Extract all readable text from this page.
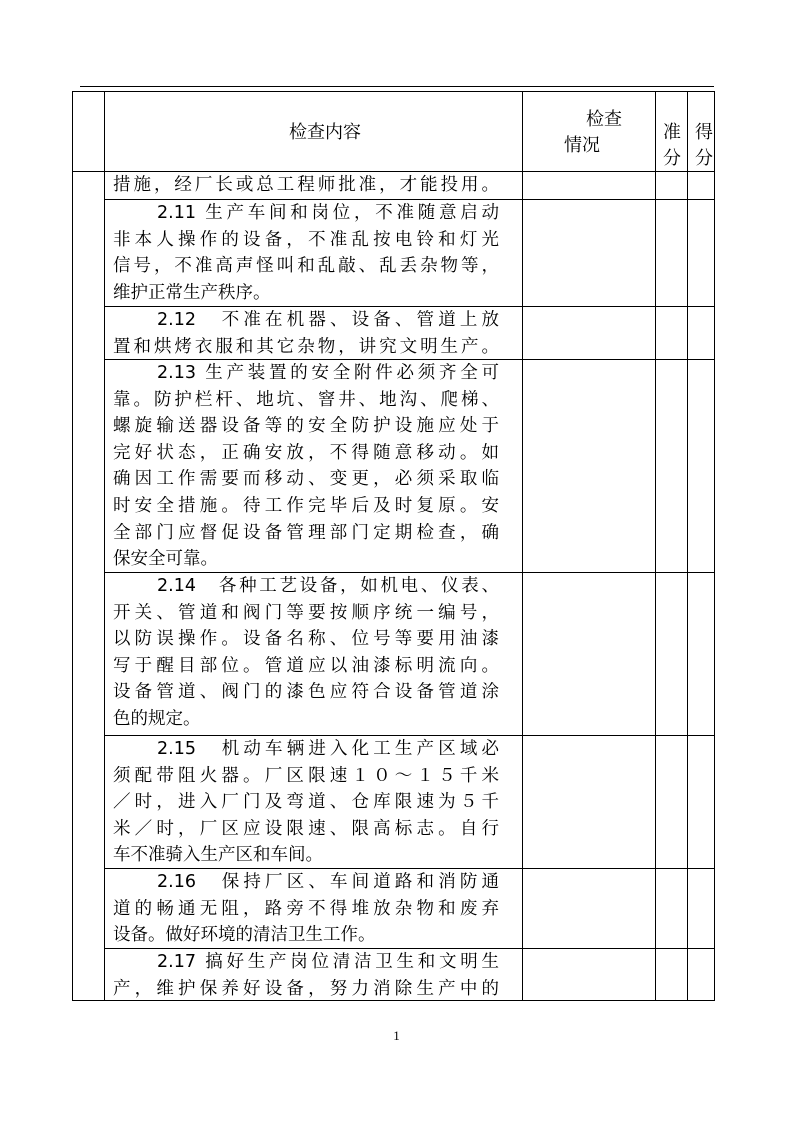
检查内容
检查
情况
准
分
得
分
措施，经厂长或总工程师批准，才能投用。
2.11 生产车间和岗位，不准随意启动
非本人操作的设备，不准乱按电铃和灯光
信号，不准高声怪叫和乱敲、乱丢杂物等，
维护正常生产秩序。
2.12　不准在机器、设备、管道上放
置和烘烤衣服和其它杂物，讲究文明生产。
2.13 生产装置的安全附件必须齐全可
靠。防护栏杆、地坑、窨井、地沟、爬梯、
螺旋输送器设备等的安全防护设施应处于
完好状态，正确安放，不得随意移动。如
确因工作需要而移动、变更，必须采取临
时安全措施。待工作完毕后及时复原。安
全部门应督促设备管理部门定期检查，确
保安全可靠。
2.14　各种工艺设备，如机电、仪表、
开关、管道和阀门等要按顺序统一编号，
以防误操作。设备名称、位号等要用油漆
写于醒目部位。管道应以油漆标明流向。
设备管道、阀门的漆色应符合设备管道涂
色的规定。
2.15　机动车辆进入化工生产区域必
须配带阻火器。厂区限速１０～１５千米
／时，进入厂门及弯道、仓库限速为５千
米／时，厂区应设限速、限高标志。自行
车不准骑入生产区和车间。
2.16　保持厂区、车间道路和消防通
道的畅通无阻，路旁不得堆放杂物和废弃
设备。做好环境的清洁卫生工作。
2.17 搞好生产岗位清洁卫生和文明生
产，维护保养好设备，努力消除生产中的
1
